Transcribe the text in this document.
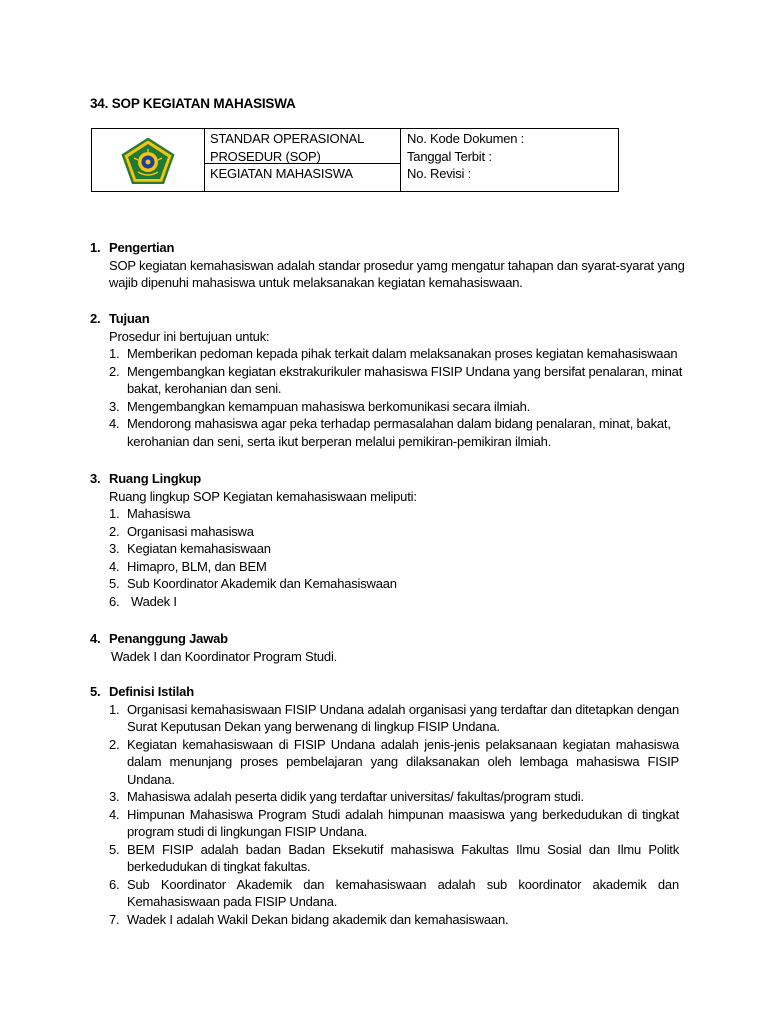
34. SOP KEGIATAN MAHASISWA

STANDAR OPERASIONAL PROSEDUR (SOP)
KEGIATAN MAHASISWA

No. Kode Dokumen :
Tanggal Terbit :
No. Revisi :
1. Pengertian

SOP kegiatan kemahasiswan adalah standar prosedur yamg mengatur tahapan dan syarat-syarat yang wajib dipenuhi mahasiswa untuk melaksanakan kegiatan kemahasiswaan.

2. Tujuan

Prosedur ini bertujuan untuk:

1. Memberikan pedoman kepada pihak terkait dalam melaksanakan proses kegiatan kemahasiswaan
2. Mengembangkan kegiatan ekstrakurikuler mahasiswa FISIP Undana yang bersifat penalaran, minat bakat, kerohanian dan seni.
3. Mengembangkan kemampuan mahasiswa berkomunikasi secara ilmiah.
4. Mendorong mahasiswa agar peka terhadap permasalahan dalam bidang penalaran, minat, bakat, kerohanian dan seni, serta ikut berperan melalui pemikiran-pemikiran ilmiah.
3. Ruang Lingkup

Ruang lingkup SOP Kegiatan kemahasiswaan meliputi:

1. Mahasiswa
2. Organisasi mahasiswa
3. Kegiatan kemahasiswaan
4. Himapro, BLM, dan BEM
5. Sub Koordinator Akademik dan Kemahasiswaan
6. Wadek I
4. Penanggung Jawab

Wadek I dan Koordinator Program Studi.

5. Definisi Istilah
1. Organisasi kemahasiswaan FISIP Undana adalah organisasi yang terdaftar dan ditetapkan dengan Surat Keputusan Dekan yang berwenang di lingkup FISIP Undana.
2. Kegiatan kemahasiswaan di FISIP Undana adalah jenis-jenis pelaksanaan kegiatan mahasiswa dalam menunjang proses pembelajaran yang dilaksanakan oleh lembaga mahasiswa FISIP Undana.
3. Mahasiswa adalah peserta didik yang terdaftar universitas/ fakultas/program studi.
4. Himpunan Mahasiswa Program Studi adalah himpunan maasiswa yang berkedudukan di tingkat program studi di lingkungan FISIP Undana.
5. BEM FISIP adalah badan Badan Eksekutif mahasiswa Fakultas Ilmu Sosial dan Ilmu Politk berkedudukan di tingkat fakultas.
6. Sub Koordinator Akademik dan kemahasiswaan adalah sub koordinator akademik dan Kemahasiswaan pada FISIP Undana.
7. Wadek I adalah Wakil Dekan bidang akademik dan kemahasiswaan.
